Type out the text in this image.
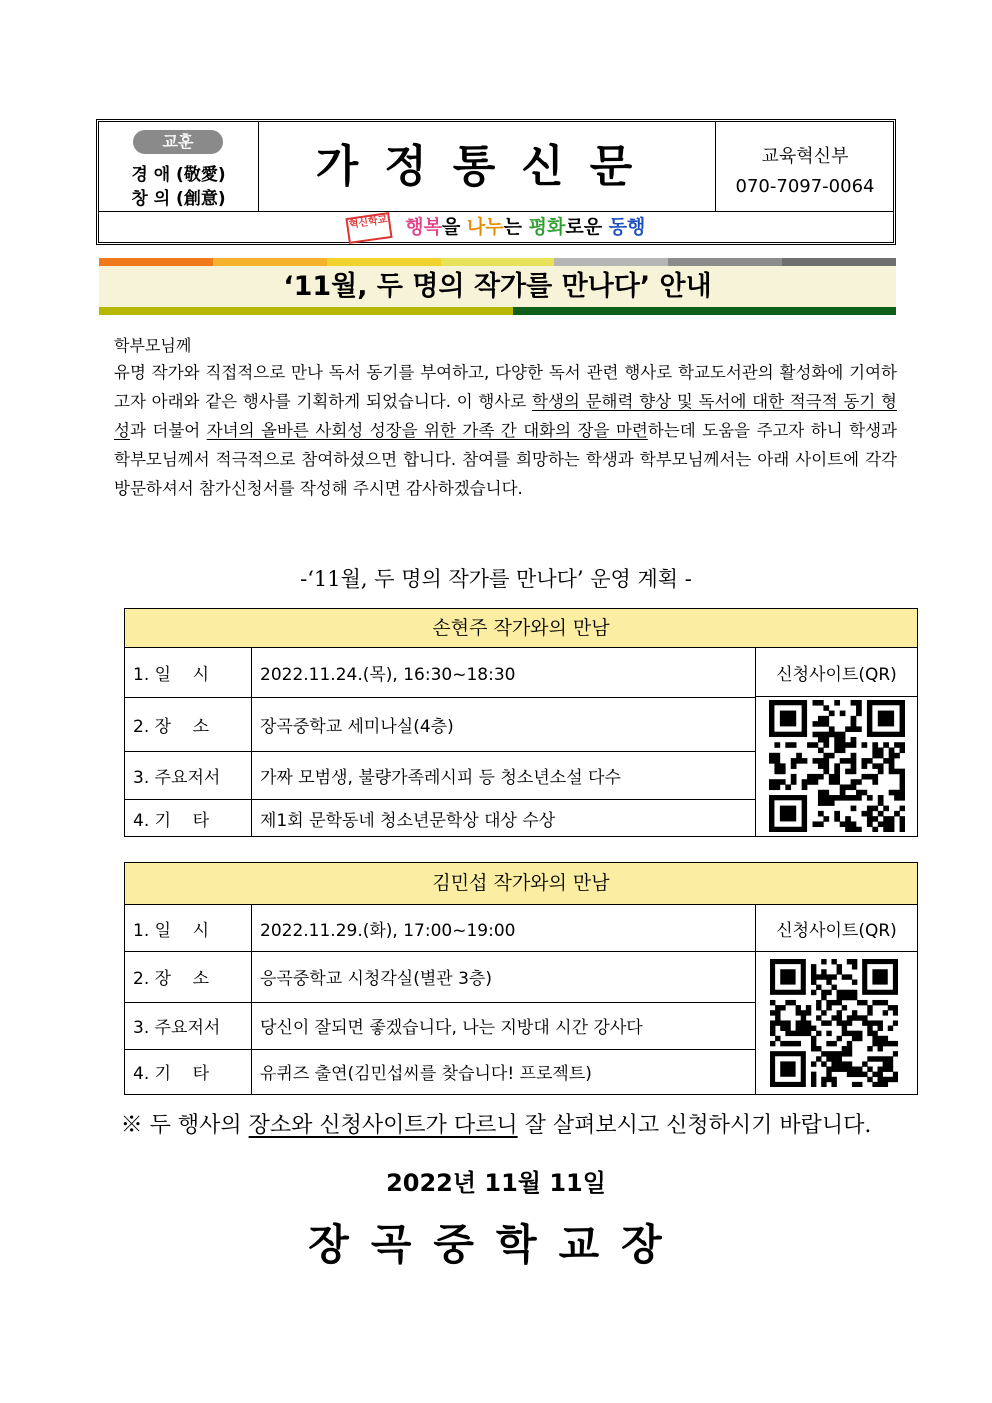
교훈
경 애 (敬愛)
창 의 (創意)
가정통신문	교육혁신부
070-7097-0064
혁신학교 행복을 나누는 평화로운 동행
‘11월, 두 명의 작가를 만나다’ 안내
학부모님께
유명 작가와 직접적으로 만나 독서 동기를 부여하고, 다양한 독서 관련 행사로 학교도서관의 활성화에 기여하고자 아래와 같은 행사를 기획하게 되었습니다. 이 행사로 학생의 문해력 향상 및 독서에 대한 적극적 동기 형성과 더불어 자녀의 올바른 사회성 성장을 위한 가족 간 대화의 장을 마련하는데 도움을 주고자 하니 학생과 학부모님께서 적극적으로 참여하셨으면 합니다. 참여를 희망하는 학생과 학부모님께서는 아래 사이트에 각각 방문하셔서 참가신청서를 작성해 주시면 감사하겠습니다.
-‘11월, 두 명의 작가를 만나다’ 운영 계획 -
손현주 작가와의 만남
신청사이트(QR)
1. 일    시	2022.11.24.(목), 16:30~18:30
2. 장    소	장곡중학교 세미나실(4층)
3. 주요저서	가짜 모범생, 불량가족레시피 등 청소년소설 다수
4. 기    타	제1회 문학동네 청소년문학상 대상 수상
김민섭 작가와의 만남
신청사이트(QR)
1. 일    시	2022.11.29.(화), 17:00~19:00
2. 장    소	응곡중학교 시청각실(별관 3층)
3. 주요저서	당신이 잘되면 좋겠습니다, 나는 지방대 시간 강사다
4. 기    타	유퀴즈 출연(김민섭씨를 찾습니다! 프로젝트)
※ 두 행사의 장소와 신청사이트가 다르니 잘 살펴보시고 신청하시기 바랍니다.
2022년 11월 11일
장곡중학교장
